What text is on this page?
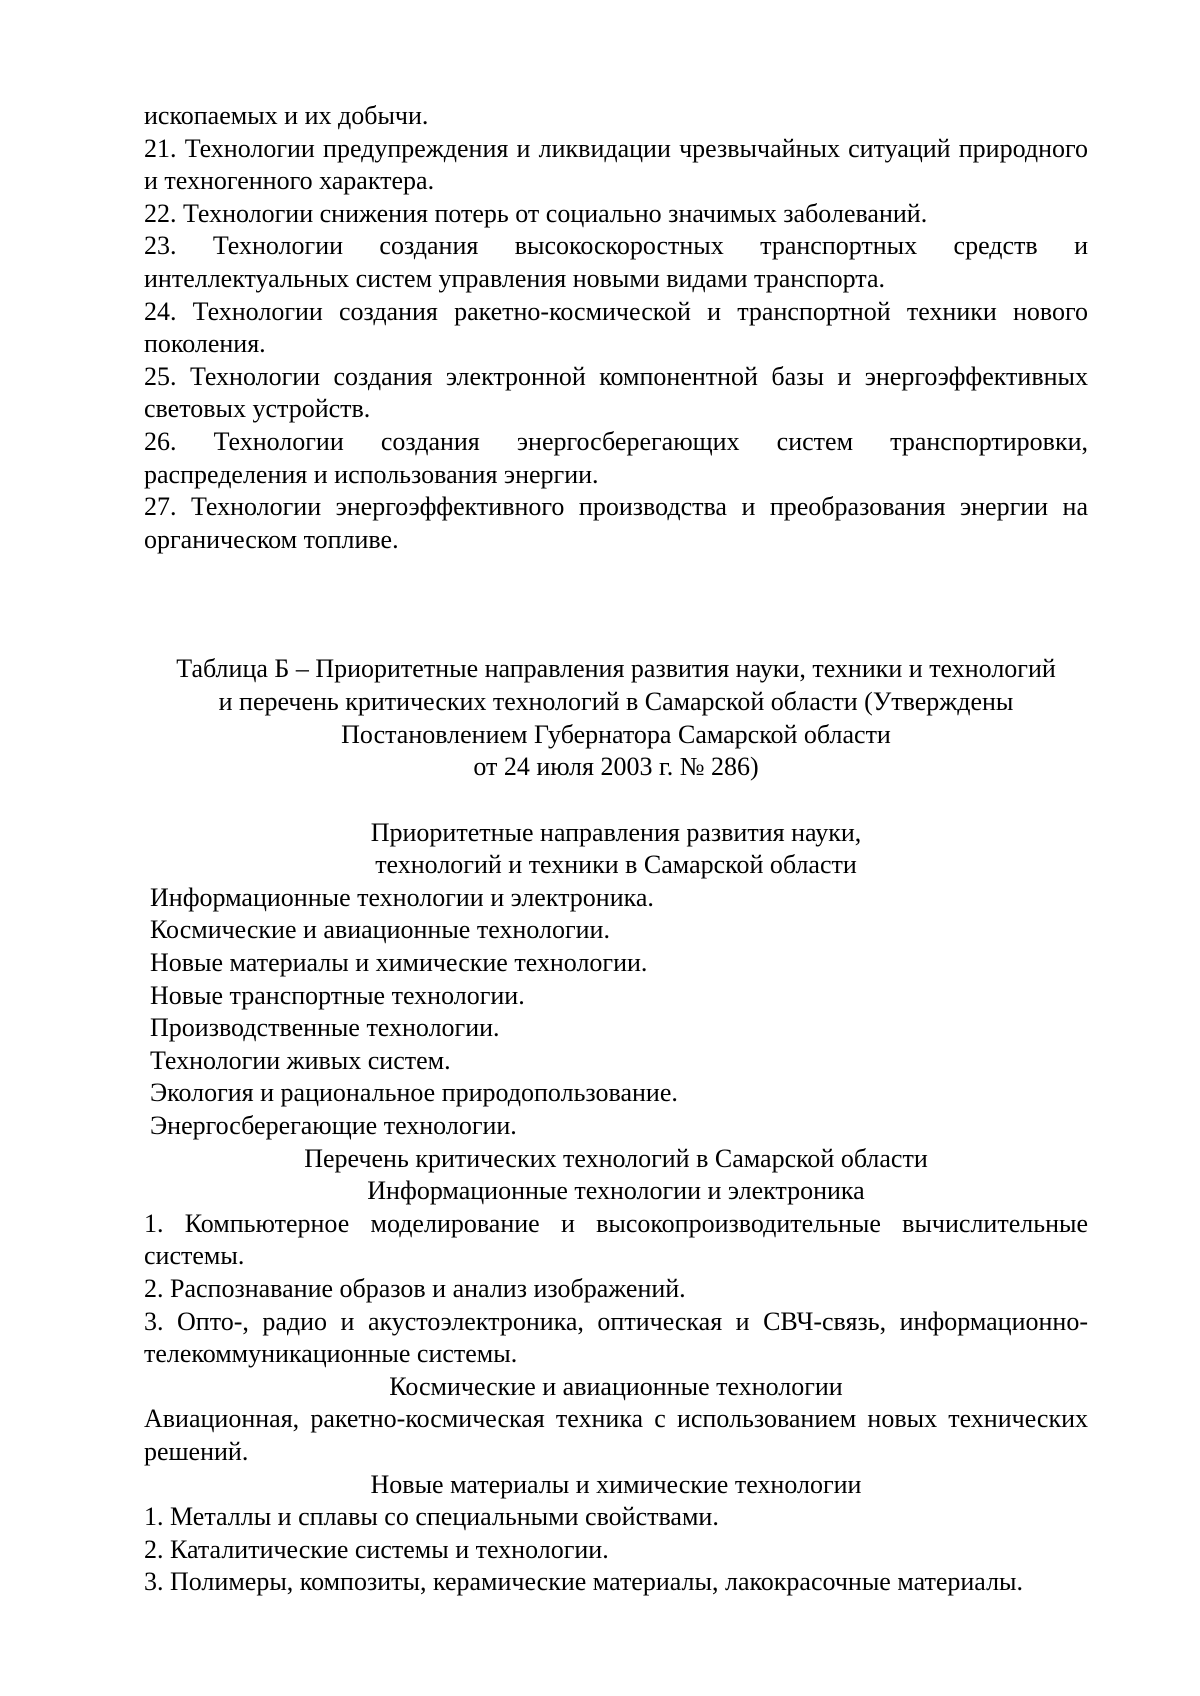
ископаемых и их добычи.

21. Технологии предупреждения и ликвидации чрезвычайных ситуаций природного и техногенного характера.

22. Технологии снижения потерь от социально значимых заболеваний.

23. Технологии создания высокоскоростных транспортных средств и интеллектуальных систем управления новыми видами транспорта.

24. Технологии создания ракетно-космической и транспортной техники нового поколения.

25. Технологии создания электронной компонентной базы и энергоэффективных световых устройств.

26. Технологии создания энергосберегающих систем транспортировки, распределения и использования энергии.

27. Технологии энергоэффективного производства и преобразования энергии на органическом топливе.

Таблица Б – Приоритетные направления развития науки, техники и технологий

и перечень критических технологий в Самарской области (Утверждены

Постановлением Губернатора Самарской области

от 24 июля 2003 г. № 286)

Приоритетные направления развития науки,

технологий и техники в Самарской области

Информационные технологии и электроника.

Космические и авиационные технологии.

Новые материалы и химические технологии.

Новые транспортные технологии.

Производственные технологии.

Технологии живых систем.

Экология и рациональное природопользование.

Энергосберегающие технологии.

Перечень критических технологий в Самарской области

Информационные технологии и электроника

1. Компьютерное моделирование и высокопроизводительные вычислительные системы.

2. Распознавание образов и анализ изображений.

3. Опто-, радио и акустоэлектроника, оптическая и СВЧ-связь, информационно-телекоммуникационные системы.

Космические и авиационные технологии

Авиационная, ракетно-космическая техника с использованием новых технических решений.

Новые материалы и химические технологии

1. Металлы и сплавы со специальными свойствами.

2. Каталитические системы и технологии.

3. Полимеры, композиты, керамические материалы, лакокрасочные материалы.
